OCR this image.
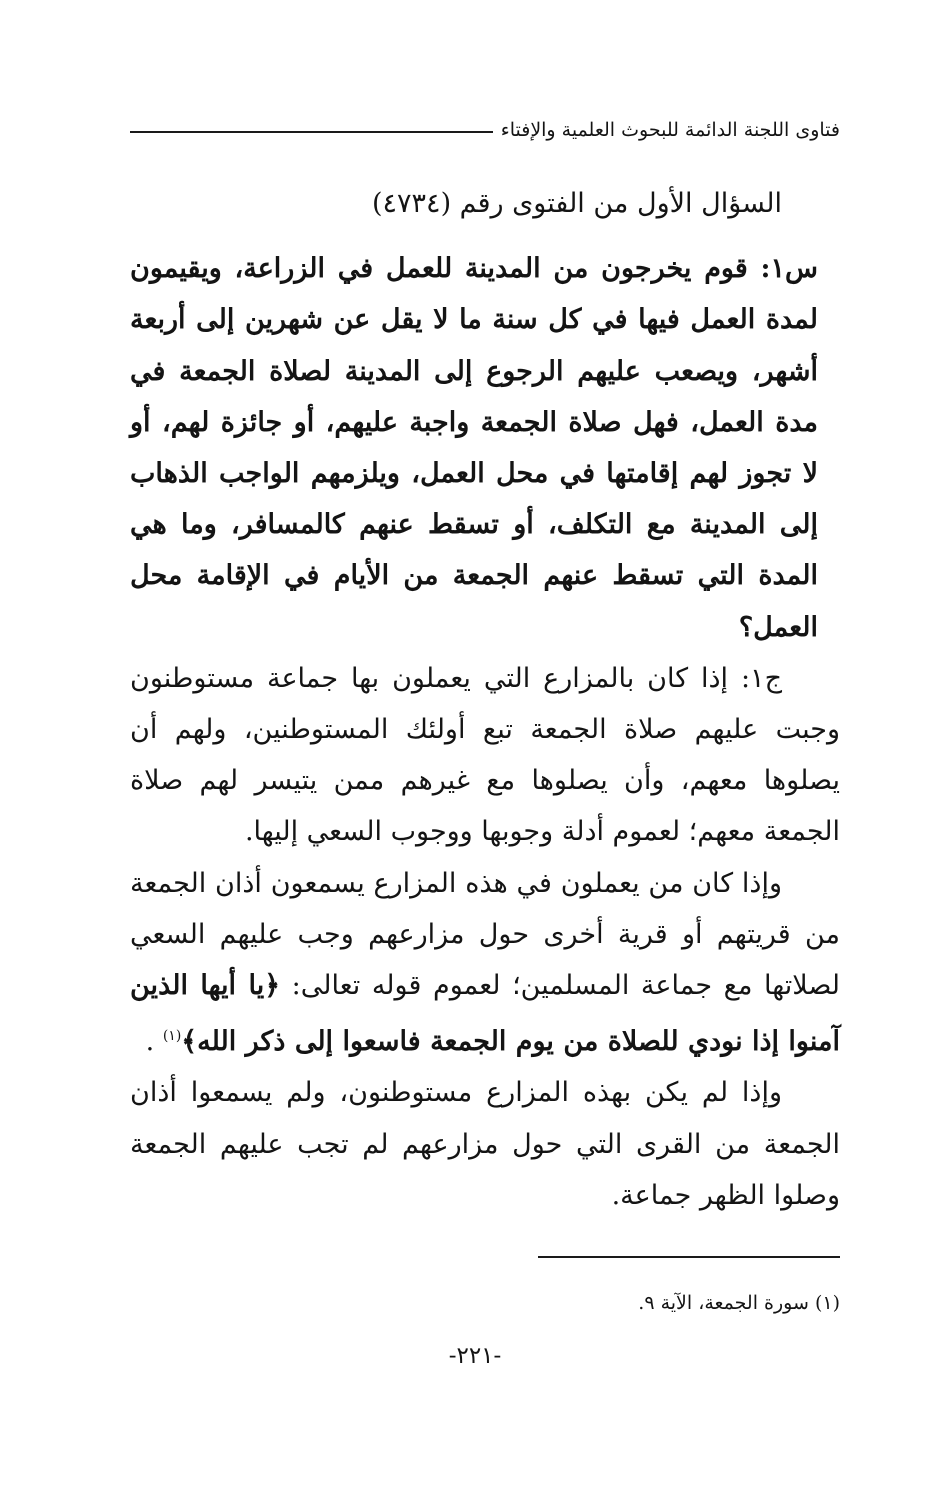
فتاوى اللجنة الدائمة للبحوث العلمية والإفتاء

السؤال الأول من الفتوى رقم (٤٧٣٤)

س١: قوم يخرجون من المدينة للعمل في الزراعة، ويقيمون لمدة العمل فيها في كل سنة ما لا يقل عن شهرين إلى أربعة أشهر، ويصعب عليهم الرجوع إلى المدينة لصلاة الجمعة في مدة العمل، فهل صلاة الجمعة واجبة عليهم، أو جائزة لهم، أو لا تجوز لهم إقامتها في محل العمل، ويلزمهم الواجب الذهاب إلى المدينة مع التكلف، أو تسقط عنهم كالمسافر، وما هي المدة التي تسقط عنهم الجمعة من الأيام في الإقامة محل العمل؟

ج١: إذا كان بالمزارع التي يعملون بها جماعة مستوطنون وجبت عليهم صلاة الجمعة تبع أولئك المستوطنين، ولهم أن يصلوها معهم، وأن يصلوها مع غيرهم ممن يتيسر لهم صلاة الجمعة معهم؛ لعموم أدلة وجوبها ووجوب السعي إليها.

وإذا كان من يعملون في هذه المزارع يسمعون أذان الجمعة من قريتهم أو قرية أخرى حول مزارعهم وجب عليهم السعي لصلاتها مع جماعة المسلمين؛ لعموم قوله تعالى: ﴿يا أيها الذين آمنوا إذا نودي للصلاة من يوم الجمعة فاسعوا إلى ذكر الله﴾$^{(١)}$ .

وإذا لم يكن بهذه المزارع مستوطنون، ولم يسمعوا أذان الجمعة من القرى التي حول مزارعهم لم تجب عليهم الجمعة وصلوا الظهر جماعة.

(١) سورة الجمعة، الآية ٩.
-٢٢١-
